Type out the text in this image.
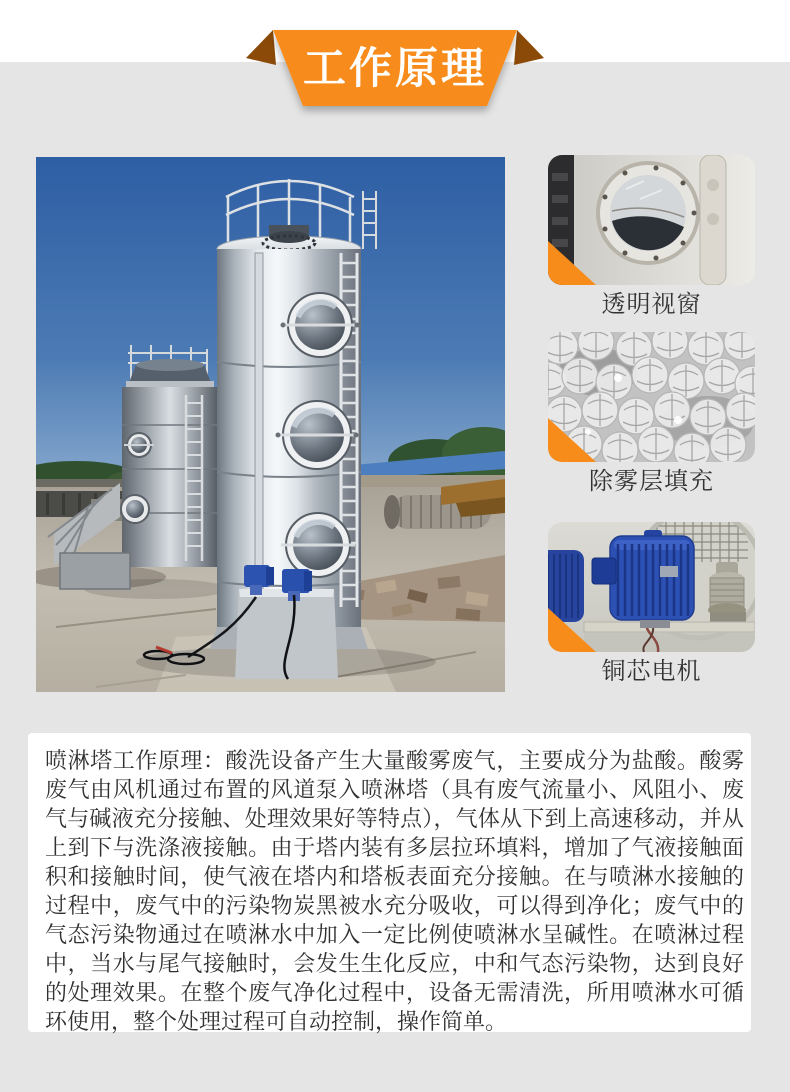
工作原理
透明视窗
除雾层填充
铜芯电机

喷淋塔工作原理：酸洗设备产生大量酸雾废气，主要成分为盐酸。酸雾废气由风机通过布置的风道泵入喷淋塔（具有废气流量小、风阻小、废气与碱液充分接触、处理效果好等特点），气体从下到上高速移动，并从上到下与洗涤液接触。由于塔内装有多层拉环填料，增加了气液接触面积和接触时间，使气液在塔内和塔板表面充分接触。在与喷淋水接触的过程中，废气中的污染物炭黑被水充分吸收，可以得到净化；废气中的气态污染物通过在喷淋水中加入一定比例使喷淋水呈碱性。在喷淋过程中，当水与尾气接触时，会发生生化反应，中和气态污染物，达到良好的处理效果。在整个废气净化过程中，设备无需清洗，所用喷淋水可循环使用，整个处理过程可自动控制，操作简单。
